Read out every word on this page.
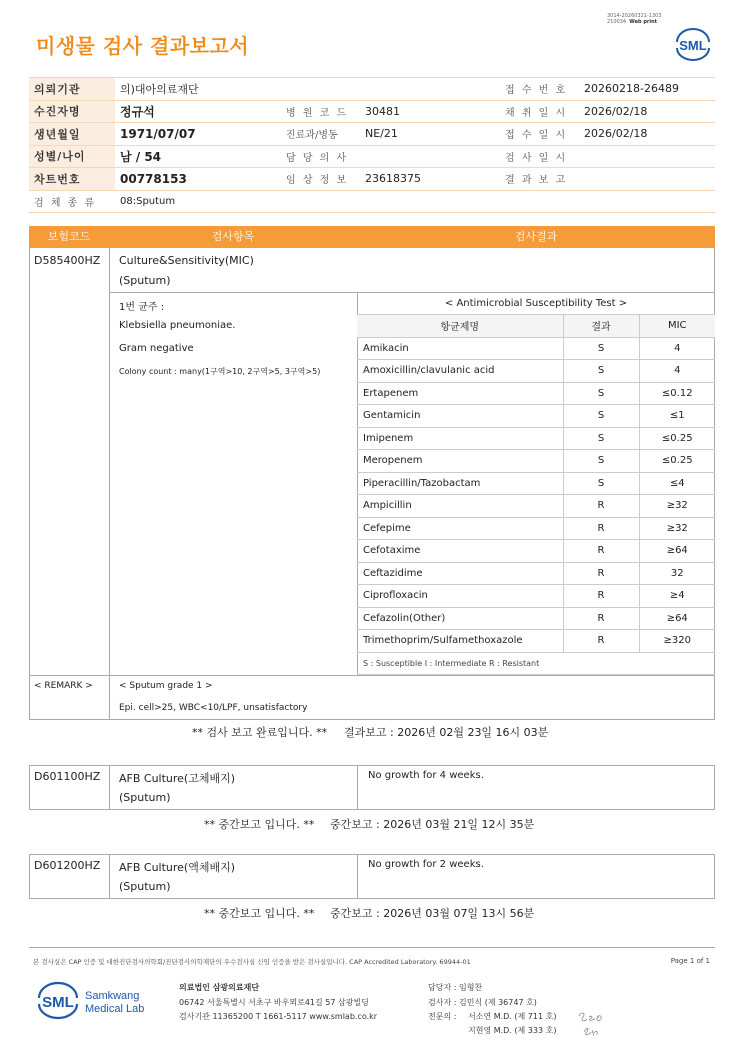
3014-20260321-1303
210034 Web print
미생물 검사 결과보고서	SML
의뢰기관	의)대아의료재단			접 수 번 호	20260218-26489
수진자명	정규석	병 원 코 드	30481	채 취 일 시	2026/02/18
생년월일	1971/07/07	진료과/병동	NE/21	접 수 일 시	2026/02/18
성별/나이	남 / 54	담 당 의 사		검 사 일 시	
차트번호	00778153	임 상 정 보	23618375	결 과 보 고	
검 체 종 류	08:Sputum				
보험코드	검사항목	검사결과
D585400HZ Culture&Sensitivity(MIC)
(Sputum)
1번 균주 :
Klebsiella pneumoniae.
Gram negative
Colony count : many(1구역>10, 2구역>5, 3구역>5)
< Antimicrobial Susceptibility Test >		
항균제명	결과	MIC
Amikacin	S	4
Amoxicillin/clavulanic acid	S	4
Ertapenem	S	≤0.12
Gentamicin	S	≤1
Imipenem	S	≤0.25
Meropenem	S	≤0.25
Piperacillin/Tazobactam	S	≤4
Ampicillin	R	≥32
Cefepime	R	≥32
Cefotaxime	R	≥64
Ceftazidime	R	32
Ciprofloxacin	R	≥4
Cefazolin(Other)	R	≥64
Trimethoprim/Sulfamethoxazole	R	≥320
S : Susceptible I : Intermediate R : Resistant		
< REMARK >	< Sputum grade 1 >
Epi. cell>25, WBC<10/LPF, unsatisfactory
** 검사 보고 완료입니다. ** 결과보고 : 2026년 02월 23일 16시 03분
D601100HZ AFB Culture(고체배지)
(Sputum)
No growth for 4 weeks.
** 중간보고 입니다. ** 중간보고 : 2026년 03월 21일 12시 35분
D601200HZ AFB Culture(액체배지)
(Sputum)
No growth for 2 weeks.
** 중간보고 입니다. ** 중간보고 : 2026년 03월 07일 13시 56분
본 검사실은 CAP 인증 및 대한진단검사의학회/진단검사의학재단의 우수검사실 신임 인증을 받은 검사실입니다. CAP Accredited Laboratory. 69944-01	Page 1 of 1
SML Samkwang
Medical Lab
의료법인 삼광의료재단
06742 서울특별시 서초구 바우뫼로41길 57 삼광빌딩
검사기관 11365200 T 1661-5117 www.smlab.co.kr
담당자 : 임형찬
검사자 : 김민식 (제 36747 호)
전문의 : 서소연 M.D. (제 711 호)
지현영 M.D. (제 333 호)
